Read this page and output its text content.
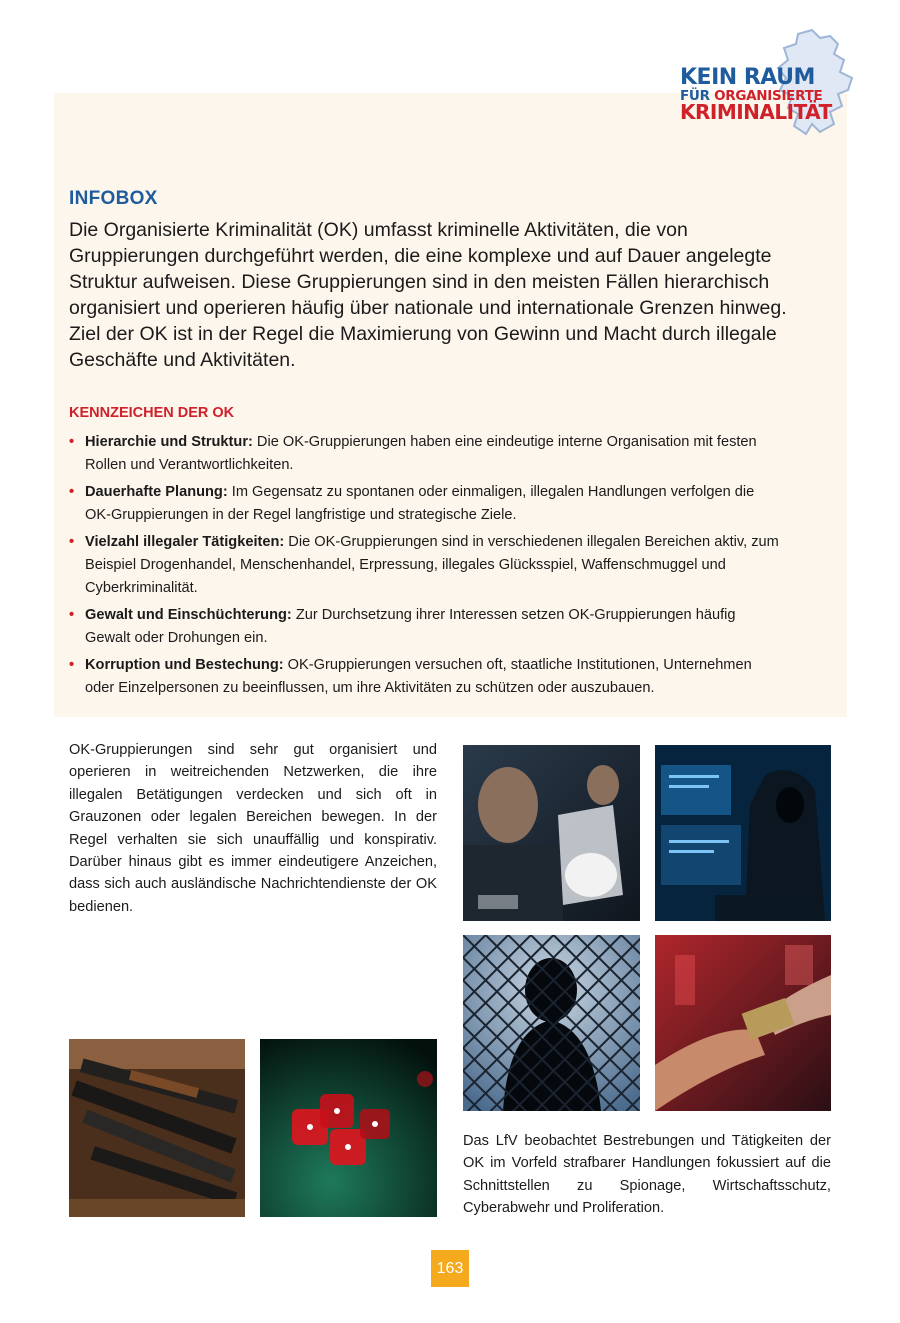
KEIN RAUM
FÜR ORGANISIERTE
KRIMINALITÄT
INFOBOX

Die Organisierte Kriminalität (OK) umfasst kriminelle Aktivitäten, die von Gruppierungen durchgeführt werden, die eine komplexe und auf Dauer angelegte Struktur aufweisen. Diese Gruppierungen sind in den meisten Fällen hierarchisch organisiert und operieren häufig über nationale und internationale Grenzen hinweg. Ziel der OK ist in der Regel die Maximierung von Gewinn und Macht durch illegale Geschäfte und Aktivitäten.

KENNZEICHEN DER OK
• Hierarchie und Struktur: Die OK-Gruppierungen haben eine eindeutige interne Organisation mit festen Rollen und Verantwortlichkeiten.
• Dauerhafte Planung: Im Gegensatz zu spontanen oder einmaligen, illegalen Handlungen verfolgen die OK-Gruppierungen in der Regel langfristige und strategische Ziele.
• Vielzahl illegaler Tätigkeiten: Die OK-Gruppierungen sind in verschiedenen illegalen Bereichen aktiv, zum Beispiel Drogenhandel, Menschenhandel, Erpressung, illegales Glücksspiel, Waffenschmuggel und Cyberkriminalität.
• Gewalt und Einschüchterung: Zur Durchsetzung ihrer Interessen setzen OK-Gruppierungen häufig Gewalt oder Drohungen ein.
• Korruption und Bestechung: OK-Gruppierungen versuchen oft, staatliche Institutionen, Unternehmen oder Einzelpersonen zu beeinflussen, um ihre Aktivitäten zu schützen oder auszubauen.

OK-Gruppierungen sind sehr gut organisiert und operieren in weitreichenden Netzwerken, die ihre illegalen Betätigungen verdecken und sich oft in Grauzonen oder legalen Bereichen bewegen. In der Regel verhalten sie sich unauffällig und konspirativ. Darüber hinaus gibt es immer eindeutigere Anzeichen, dass sich auch ausländische Nachrichtendienste der OK bedienen.

Das LfV beobachtet Bestrebungen und Tätigkeiten der OK im Vorfeld strafbarer Handlungen fokussiert auf die Schnittstellen zu Spionage, Wirtschaftsschutz, Cyberabwehr und Proliferation.

163
